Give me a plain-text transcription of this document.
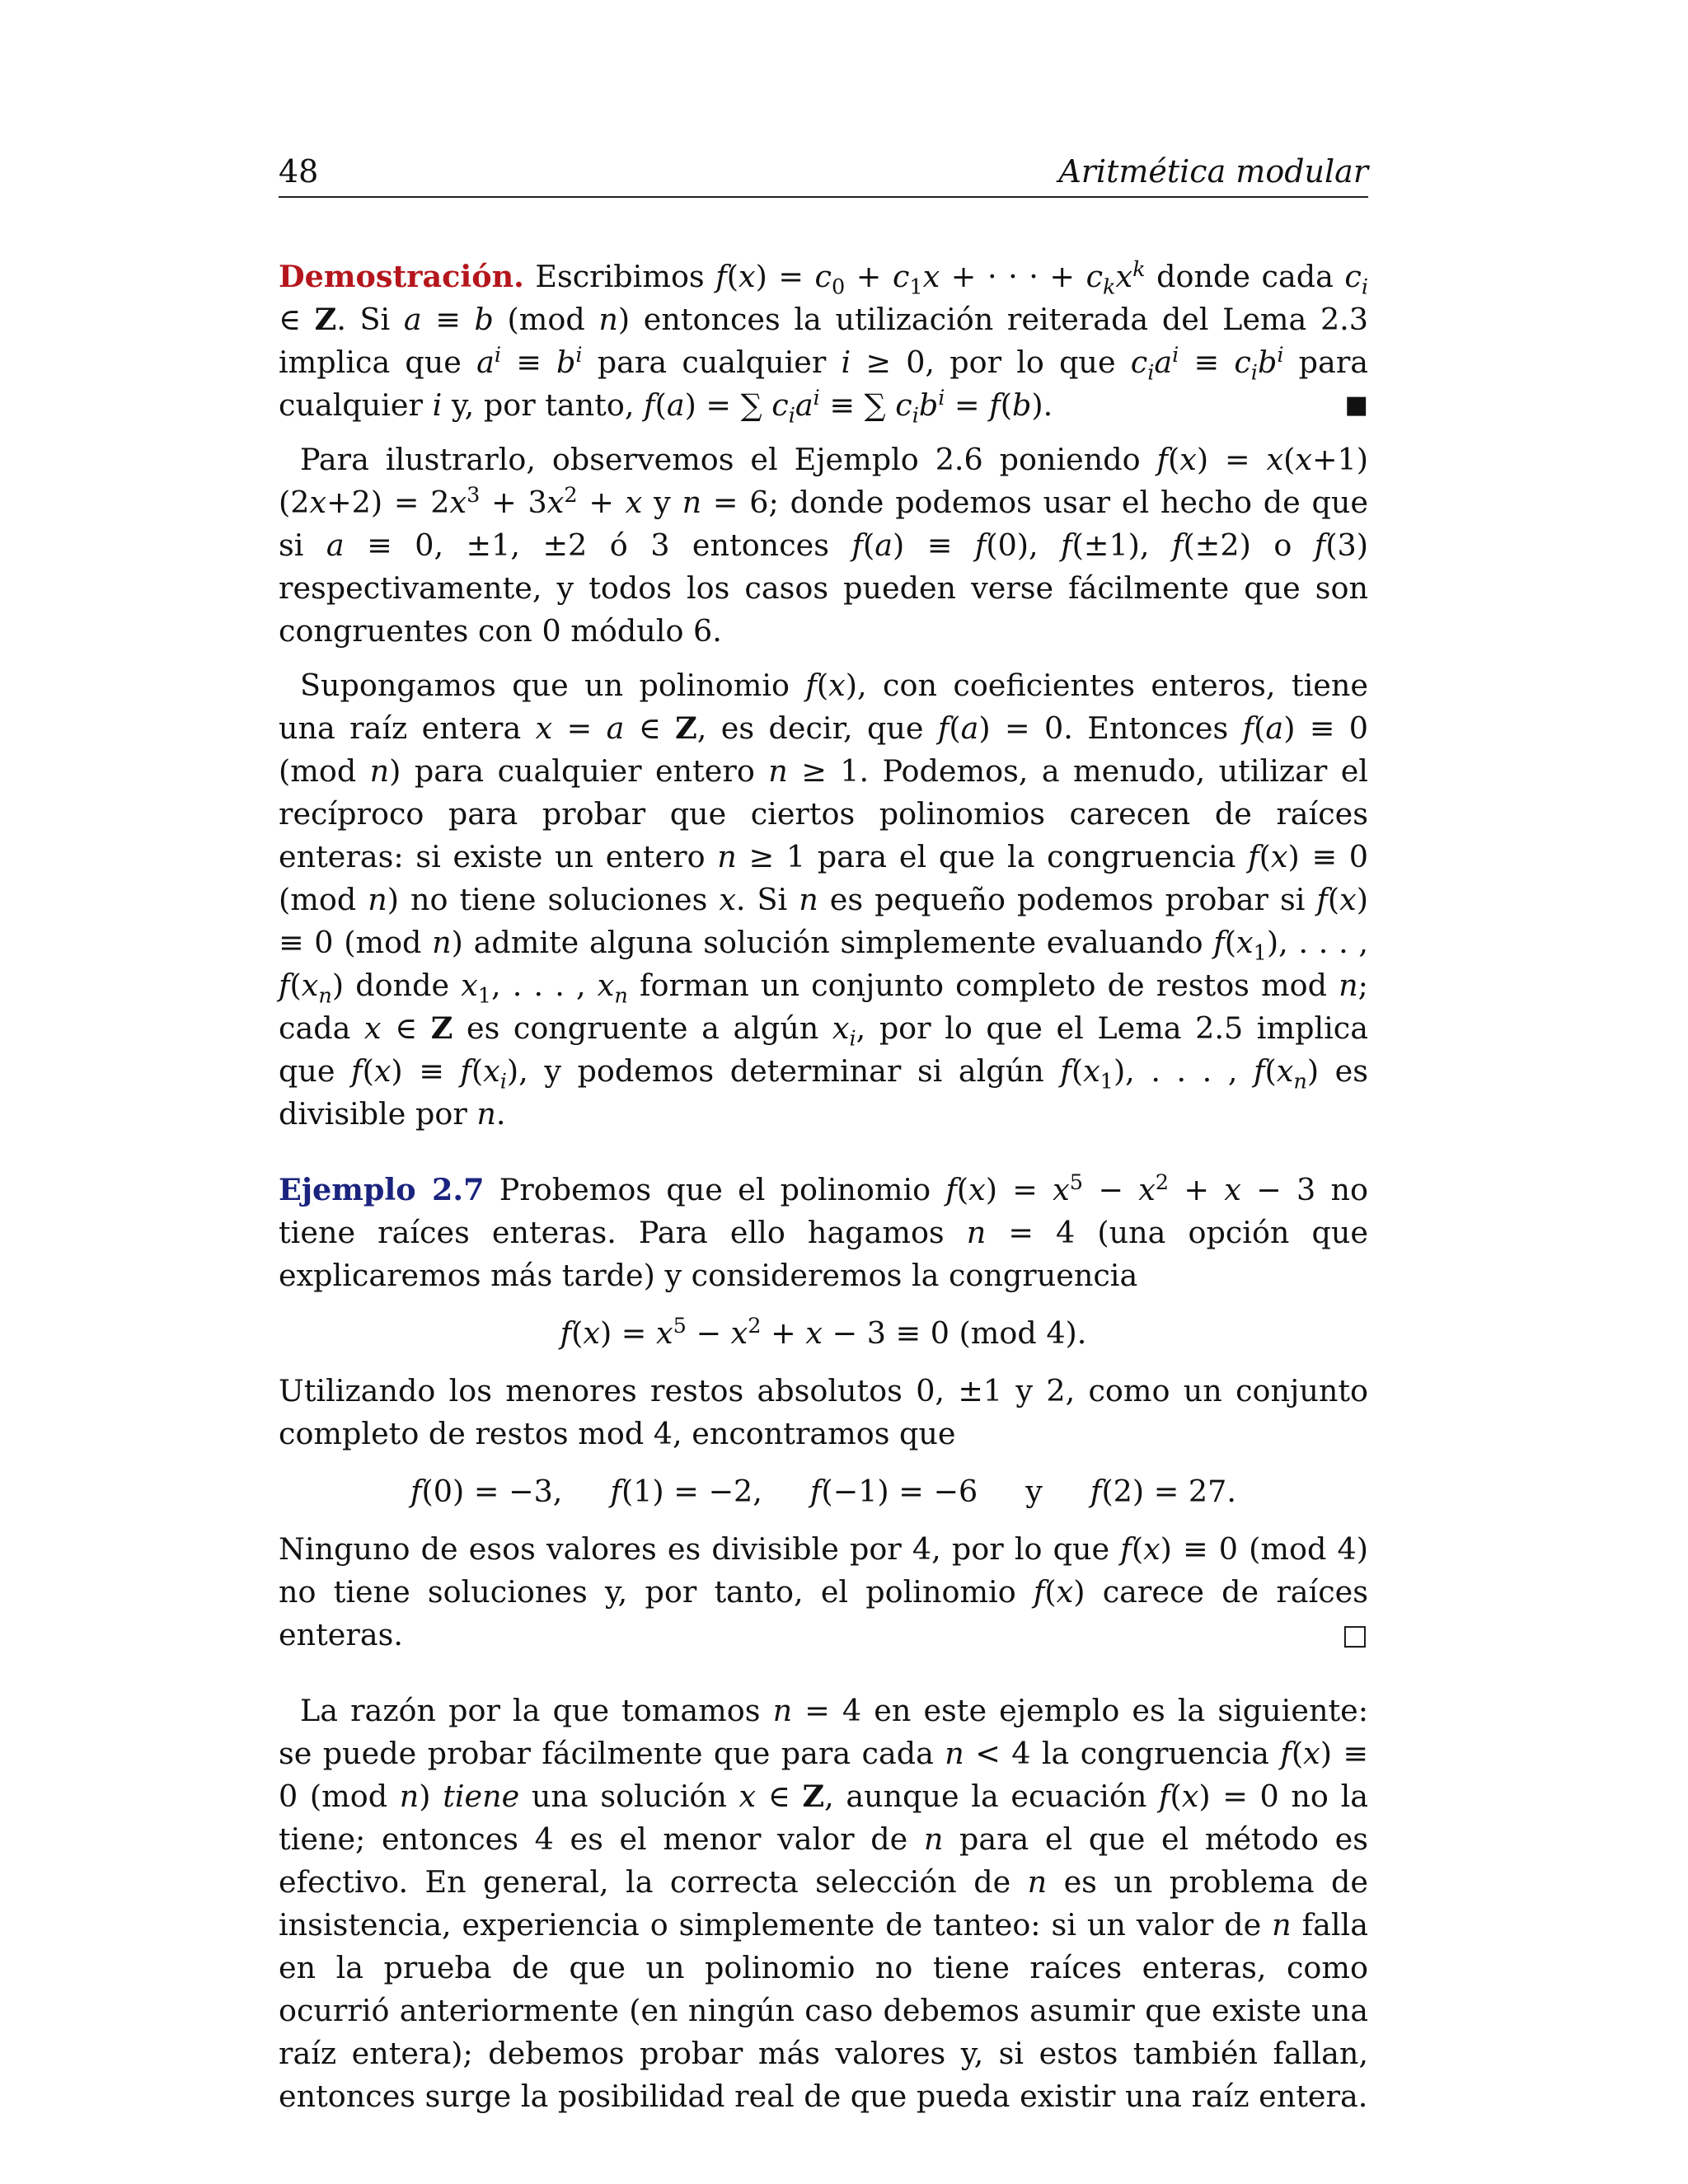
48	Aritmética modular

Demostración. Escribimos $f(x) = c_0 + c_1x$ + · · · + $c_kx^k$ donde cada $c_i$ ∈ Z. Si a ≡ b (mod n) entonces la utilización reiterada del Lema 2.3 implica que $a^i \equiv b^i$ para cualquier i ≥ 0, por lo que $c_ia^i \equiv c_ib^i$ para cualquier i y, por tanto, f(a) = ∑ $c_ia^i$ ≡ ∑ $c_ib^i = f(b)$.	■

Para ilustrarlo, observemos el Ejemplo 2.6 poniendo $f(x) = x(x+1)(2x+2) = 2x^3 + 3x^2 + x$ y n = 6; donde podemos usar el hecho de que si a ≡ 0, ±1, ±2 ó 3 entonces f(a) ≡ f(0), f(±1), f(±2) o f(3) respectivamente, y todos los casos pueden verse fácilmente que son congruentes con 0 módulo 6.

Supongamos que un polinomio f(x), con coeficientes enteros, tiene una raíz entera x = a ∈ Z, es decir, que f(a) = 0. Entonces f(a) ≡ 0 (mod n) para cualquier entero n ≥ 1. Podemos, a menudo, utilizar el recíproco para probar que ciertos polinomios carecen de raíces enteras: si existe un entero n ≥ 1 para el que la congruencia f(x) ≡ 0 (mod n) no tiene soluciones x. Si n es pequeño podemos probar si f(x) ≡ 0 (mod n) admite alguna solución simplemente evaluando $f(x_1)$, . . . , $f(x_n)$ donde $x_1$, . . . , $x_n$ forman un conjunto completo de restos mod n; cada x ∈ Z es congruente a algún $x_i$, por lo que el Lema 2.5 implica que $f(x) \equiv f(x_i)$, y podemos determinar si algún $f(x_1)$, . . . , $f(x_n)$ es divisible por n.

Ejemplo 2.7 Probemos que el polinomio $f(x) = x^5 - x^2 + x - 3$ no tiene raíces enteras. Para ello hagamos n = 4 (una opción que explicaremos más tarde) y consideremos la congruencia

$f(x) = x^5 - x^2 + x - 3 \equiv 0$ (mod 4).

Utilizando los menores restos absolutos 0, ±1 y 2, como un conjunto completo de restos mod 4, encontramos que

f(0) = −3,     f(1) = −2,     f(−1) = −6     y f(2) = 27.

Ninguno de esos valores es divisible por 4, por lo que f(x) ≡ 0 (mod 4) no tiene soluciones y, por tanto, el polinomio f(x) carece de raíces enteras.	□

La razón por la que tomamos n = 4 en este ejemplo es la siguiente: se puede probar fácilmente que para cada n < 4 la congruencia f(x) ≡ 0 (mod n) tiene una solución x ∈ Z, aunque la ecuación f(x) = 0 no la tiene; entonces 4 es el menor valor de n para el que el método es efectivo. En general, la correcta selección de n es un problema de insistencia, experiencia o simplemente de tanteo: si un valor de n falla en la prueba de que un polinomio no tiene raíces enteras, como ocurrió anteriormente (en ningún caso debemos asumir que existe una raíz entera); debemos probar más valores y, si estos también fallan, entonces surge la posibilidad real de que pueda existir una raíz entera.
